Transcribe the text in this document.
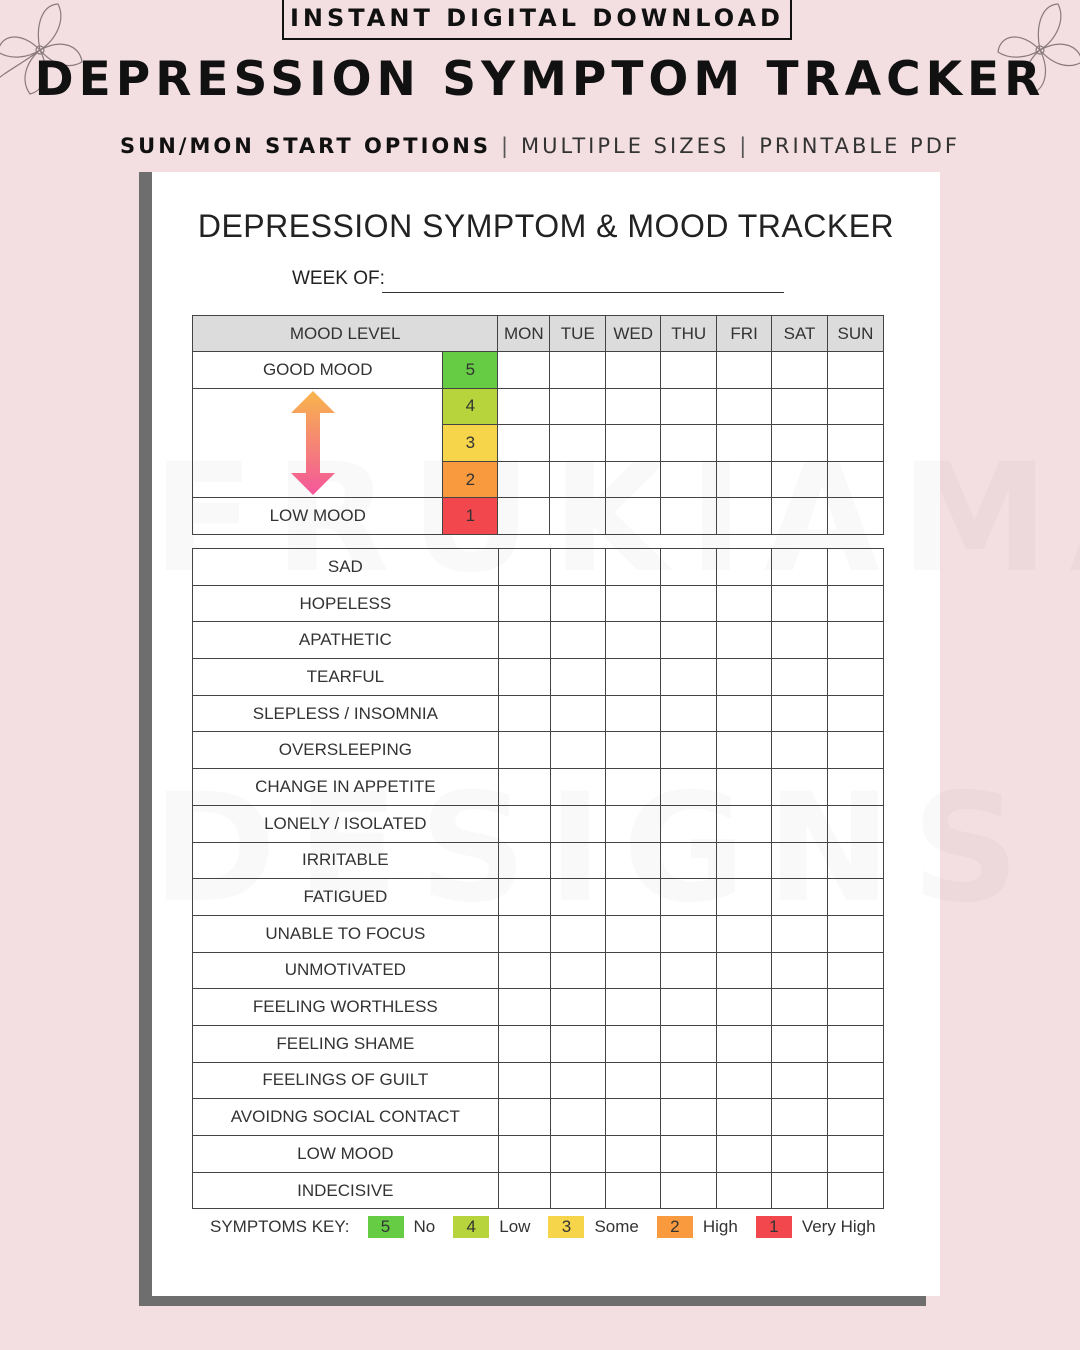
INSTANT DIGITAL DOWNLOAD
DEPRESSION SYMPTOM TRACKER
SUN/MON START OPTIONS | MULTIPLE SIZES | PRINTABLE PDF
DEPRESSION SYMPTOM & MOOD TRACKER
WEEK OF:
MOOD LEVEL		MON	TUE	WED	THU	FRI	SAT	SUN
GOOD MOOD	5							

	4							
	3							
	2							
LOW MOOD	1							
SAD							
HOPELESS							
APATHETIC							
TEARFUL							
SLEPLESS / INSOMNIA							
OVERSLEEPING							
CHANGE IN APPETITE							
LONELY / ISOLATED							
IRRITABLE							
FATIGUED							
UNABLE TO FOCUS							
UNMOTIVATED							
FEELING WORTHLESS							
FEELING SHAME							
FEELINGS OF GUILT							
AVOIDNG SOCIAL CONTACT							
LOW MOOD							
INDECISIVE							
SYMPTOMS KEY:	5	No	4	Low	3	Some	2	High	1	Very High
